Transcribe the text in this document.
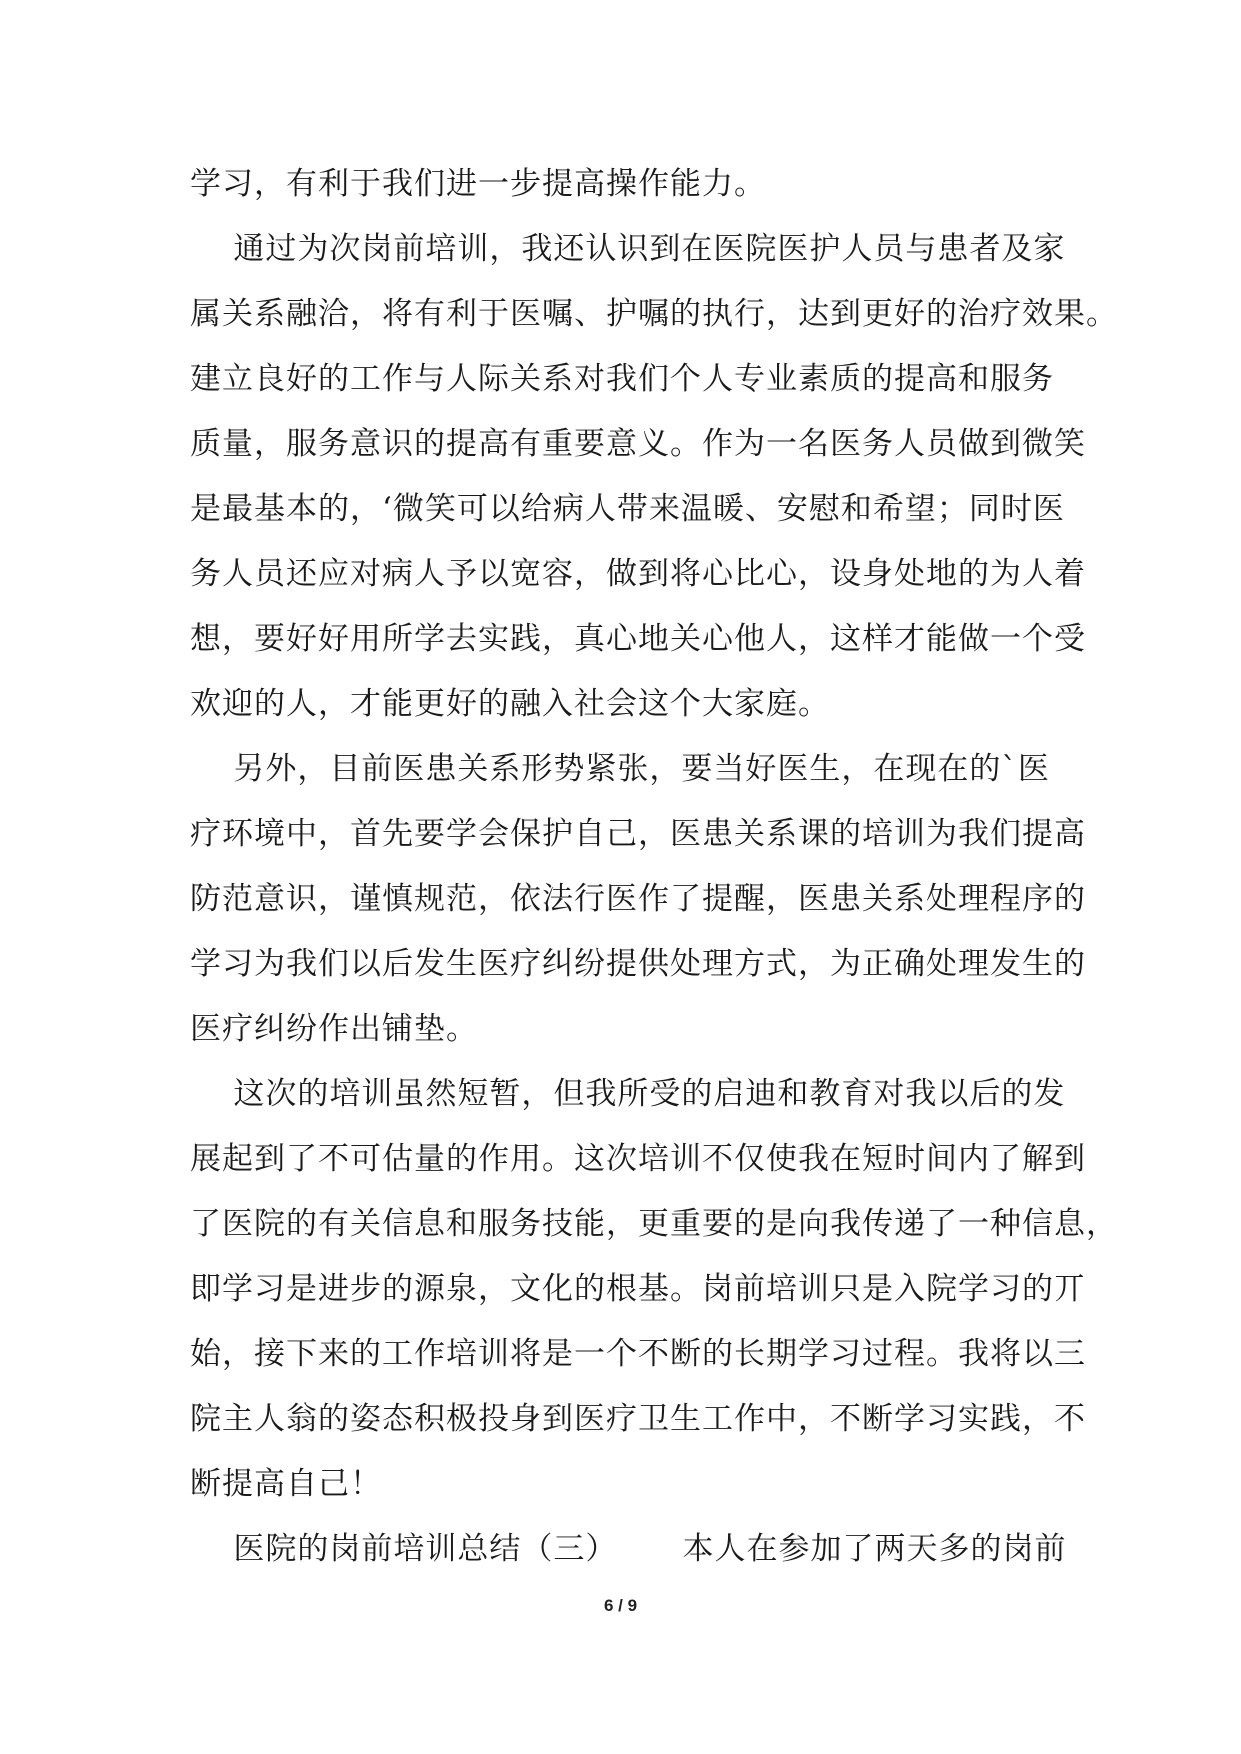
学习，有利于我们进一步提高操作能力。
通过为次岗前培训，我还认识到在医院医护人员与患者及家
属关系融洽，将有利于医嘱、护嘱的执行，达到更好的治疗效果。
建立良好的工作与人际关系对我们个人专业素质的提高和服务
质量，服务意识的提高有重要意义。作为一名医务人员做到微笑
是最基本的，‘微笑可以给病人带来温暖、安慰和希望；同时医
务人员还应对病人予以宽容，做到将心比心，设身处地的为人着
想，要好好用所学去实践，真心地关心他人，这样才能做一个受
欢迎的人，才能更好的融入社会这个大家庭。
另外，目前医患关系形势紧张，要当好医生，在现在的`医
疗环境中，首先要学会保护自己，医患关系课的培训为我们提高
防范意识，谨慎规范，依法行医作了提醒，医患关系处理程序的
学习为我们以后发生医疗纠纷提供处理方式，为正确处理发生的
医疗纠纷作出铺垫。
这次的培训虽然短暂，但我所受的启迪和教育对我以后的发
展起到了不可估量的作用。这次培训不仅使我在短时间内了解到
了医院的有关信息和服务技能，更重要的是向我传递了一种信息，
即学习是进步的源泉，文化的根基。岗前培训只是入院学习的丌
始，接下来的工作培训将是一个不断的长期学习过程。我将以三
院主人翁的姿态积极投身到医疗卫生工作中，不断学习实践，不
断提高自己！
医院的岗前培训总结（三）      本人在参加了两天多的岗前
6 / 9
